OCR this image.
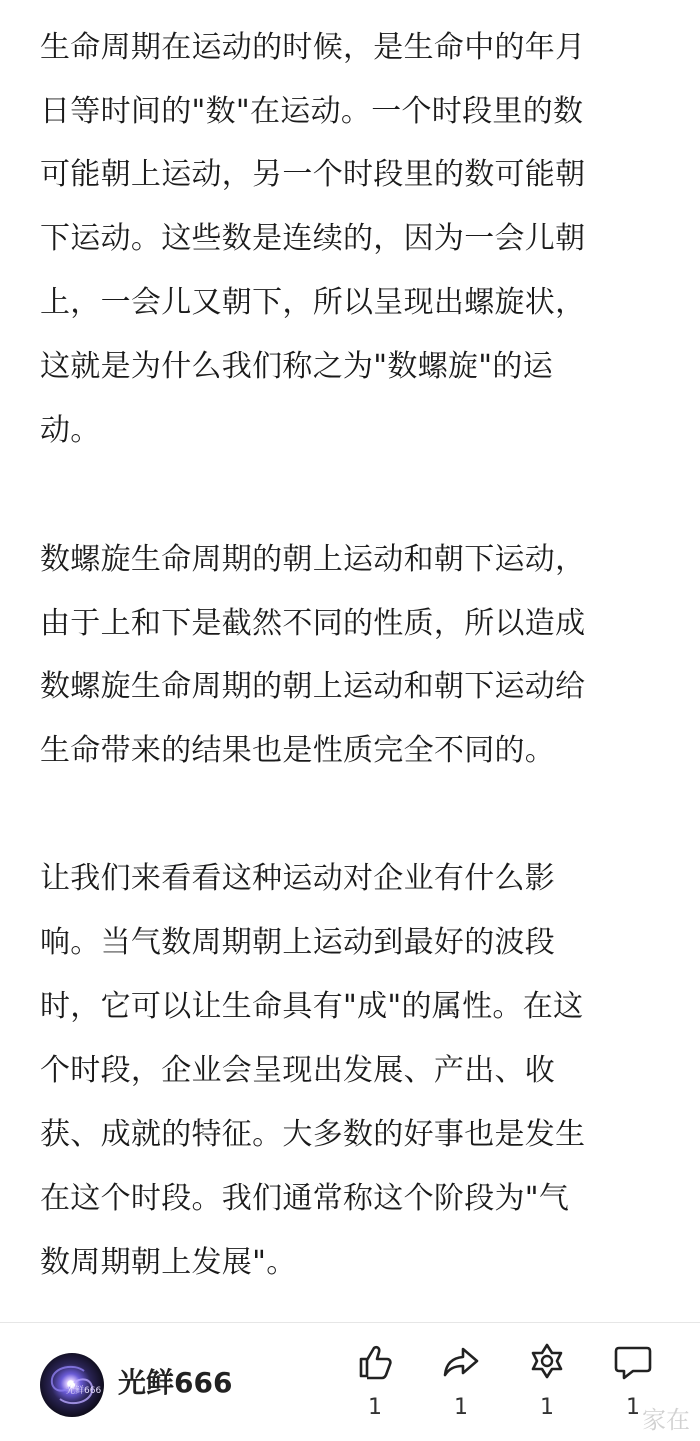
生命周期在运动的时候，是生命中的年月
日等时间的"数"在运动。一个时段里的数
可能朝上运动，另一个时段里的数可能朝
下运动。这些数是连续的，因为一会儿朝
上，一会儿又朝下，所以呈现出螺旋状，
这就是为什么我们称之为"数螺旋"的运
动。
数螺旋生命周期的朝上运动和朝下运动，
由于上和下是截然不同的性质，所以造成
数螺旋生命周期的朝上运动和朝下运动给
生命带来的结果也是性质完全不同的。
让我们来看看这种运动对企业有什么影
响。当气数周期朝上运动到最好的波段
时，它可以让生命具有"成"的属性。在这
个时段，企业会呈现出发展、产出、收
获、成就的特征。大多数的好事也是发生
在这个时段。我们通常称这个阶段为"气
数周期朝上发展"。
光鲜666 光鲜666
1	1	1	1 家在
